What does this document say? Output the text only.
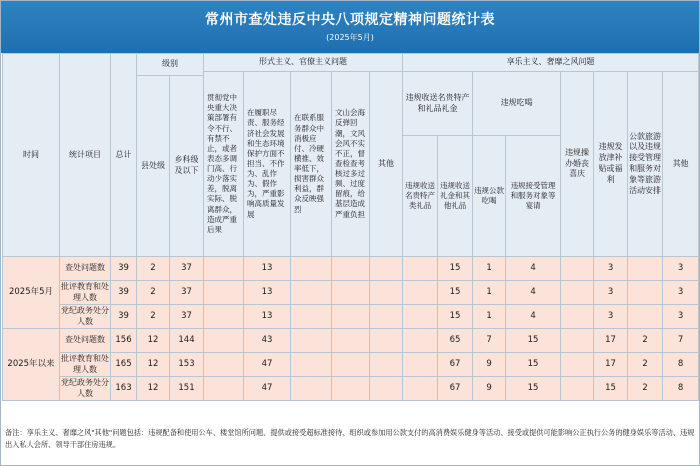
常州市查处违反中央八项规定精神问题统计表
(2025年5月)
时间	统计项目	总计	级别		形式主义、官僚主义问题					享乐主义、奢靡之风问题							
					贯彻党中央重大决策部署有令不行、有禁不止，或者表态多调门高、行动少落实差，脱离实际、脱离群众，造成严重后果	在履职尽责、服务经济社会发展和生态环境保护方面不担当、不作为、乱作为、假作为，严重影响高质量发展	在联系服务群众中消极应付、冷硬横推、效率低下，损害群众利益，群众反映强烈	文山会海反弹回潮，文风会风不实不正，督查检查考核过多过频、过度留痕，给基层造成严重负担	其他	违规收送名贵特产和礼品礼金		违规吃喝		违规操办婚丧喜庆	违规发放津补贴或福利	公款旅游以及违规接受管理和服务对象等旅游活动安排	其他
			县处级	乡科级及以下													
										违规收送名贵特产类礼品	违规收送礼金和其他礼品	违规公款吃喝	违规接受管理和服务对象等宴请				
2025年5月	查处问题数	39	2	37		13					15	1	4		3		3
	批评教育和处理人数	39	2	37		13					15	1	4		3		3
	党纪政务处分人数	39	2	37		13					15	1	4		3		3
2025年以来	查处问题数	156	12	144		43					65	7	15		17	2	7
	批评教育和处理人数	165	12	153		47					67	9	15		17	2	8
	党纪政务处分人数	163	12	151		47					67	9	15		15	2	8
备注：享乐主义、奢靡之风"其他"问题包括：违规配备和使用公车、楼堂馆所问题、提供或接受超标准接待、组织或参加用公款支付的高消费娱乐健身等活动、接受或提供可能影响公正执行公务的健身娱乐等活动、违规出入私人会所、领导干部住房违规。
